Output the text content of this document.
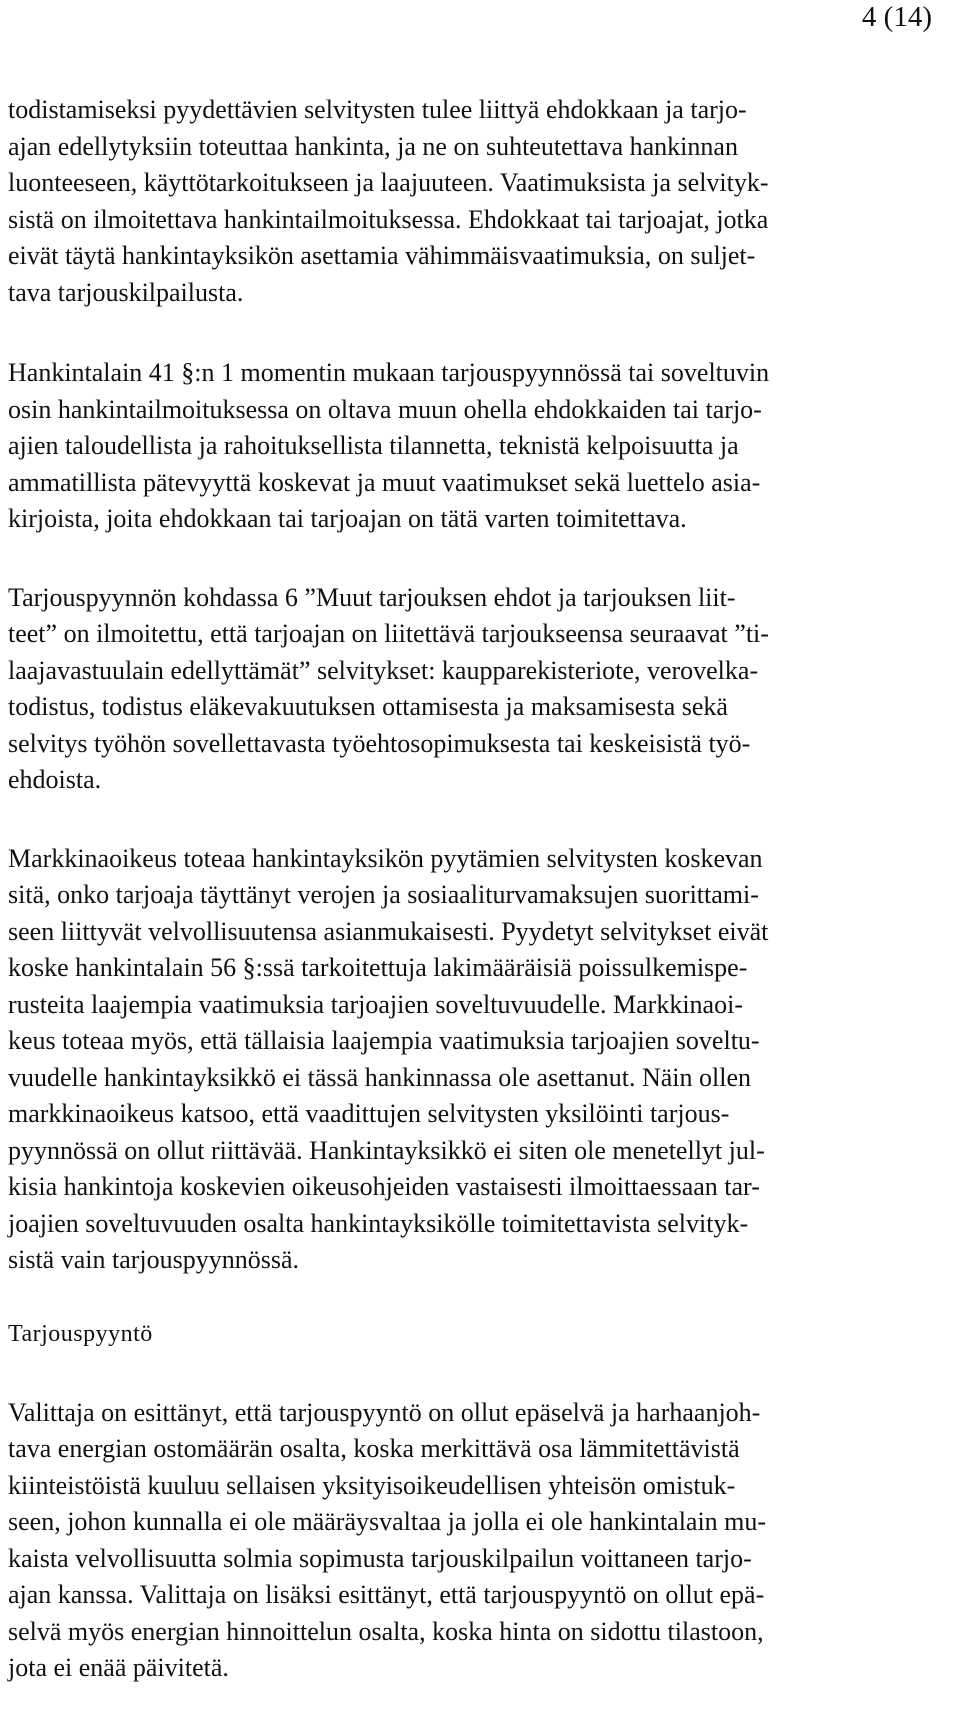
4 (14)

todistamiseksi pyydettävien selvitysten tulee liittyä ehdokkaan ja tarjo-
ajan edellytyksiin toteuttaa hankinta, ja ne on suhteutettava hankinnan
luonteeseen, käyttötarkoitukseen ja laajuuteen. Vaatimuksista ja selvityk-
sistä on ilmoitettava hankintailmoituksessa. Ehdokkaat tai tarjoajat, jotka
eivät täytä hankintayksikön asettamia vähimmäisvaatimuksia, on suljet-
tava tarjouskilpailusta.

Hankintalain 41 §:n 1 momentin mukaan tarjouspyynnössä tai soveltuvin
osin hankintailmoituksessa on oltava muun ohella ehdokkaiden tai tarjo-
ajien taloudellista ja rahoituksellista tilannetta, teknistä kelpoisuutta ja
ammatillista pätevyyttä koskevat ja muut vaatimukset sekä luettelo asia-
kirjoista, joita ehdokkaan tai tarjoajan on tätä varten toimitettava.

Tarjouspyynnön kohdassa 6 ”Muut tarjouksen ehdot ja tarjouksen liit-
teet” on ilmoitettu, että tarjoajan on liitettävä tarjoukseensa seuraavat ”ti-
laajavastuulain edellyttämät” selvitykset: kaupparekisteriote, verovelka-
todistus, todistus eläkevakuutuksen ottamisesta ja maksamisesta sekä
selvitys työhön sovellettavasta työehtosopimuksesta tai keskeisistä työ-
ehdoista.

Markkinaoikeus toteaa hankintayksikön pyytämien selvitysten koskevan
sitä, onko tarjoaja täyttänyt verojen ja sosiaaliturvamaksujen suorittami-
seen liittyvät velvollisuutensa asianmukaisesti. Pyydetyt selvitykset eivät
koske hankintalain 56 §:ssä tarkoitettuja lakimääräisiä poissulkemispe-
rusteita laajempia vaatimuksia tarjoajien soveltuvuudelle. Markkinaoi-
keus toteaa myös, että tällaisia laajempia vaatimuksia tarjoajien soveltu-
vuudelle hankintayksikkö ei tässä hankinnassa ole asettanut. Näin ollen
markkinaoikeus katsoo, että vaadittujen selvitysten yksilöinti tarjous-
pyynnössä on ollut riittävää. Hankintayksikkö ei siten ole menetellyt jul-
kisia hankintoja koskevien oikeusohjeiden vastaisesti ilmoittaessaan tar-
joajien soveltuvuuden osalta hankintayksikölle toimitettavista selvityk-
sistä vain tarjouspyynnössä.

Tarjouspyyntö

Valittaja on esittänyt, että tarjouspyyntö on ollut epäselvä ja harhaanjoh-
tava energian ostomäärän osalta, koska merkittävä osa lämmitettävistä
kiinteistöistä kuuluu sellaisen yksityisoikeudellisen yhteisön omistuk-
seen, johon kunnalla ei ole määräysvaltaa ja jolla ei ole hankintalain mu-
kaista velvollisuutta solmia sopimusta tarjouskilpailun voittaneen tarjo-
ajan kanssa. Valittaja on lisäksi esittänyt, että tarjouspyyntö on ollut epä-
selvä myös energian hinnoittelun osalta, koska hinta on sidottu tilastoon,
jota ei enää päivitetä.
